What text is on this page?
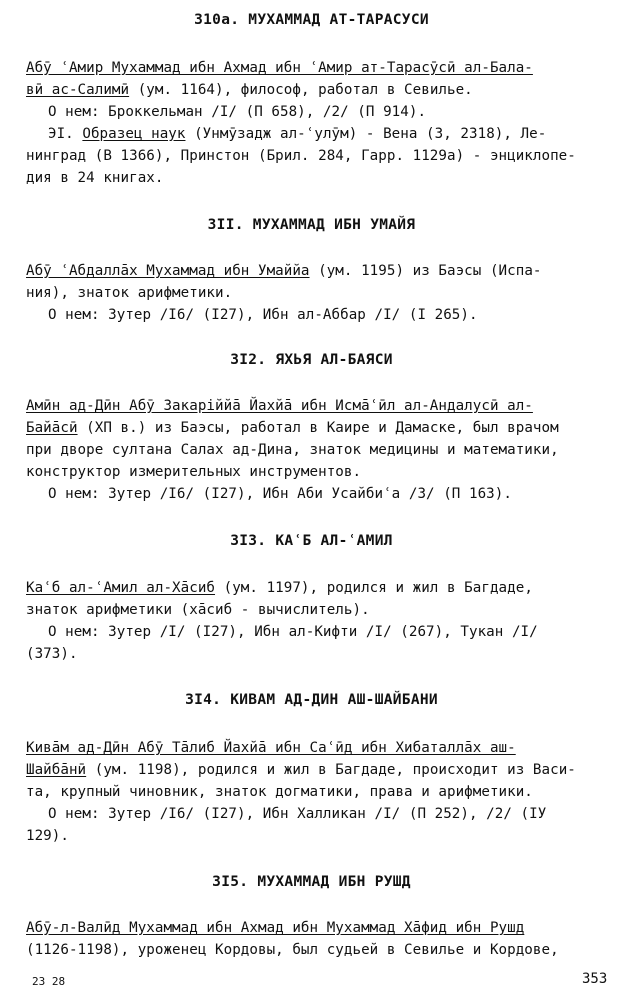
310а. МУХАММАД АТ-ТАРАСУСИ
Абӯ ʿАмир Мухаммад ибн Ахмад ибн ʿАмир ат-Тарасӯсӣ ал-Бала-
вӣ ас-Салимӣ (ум. 1164), философ, работал в Севилье.
О нем: Броккельман /I/ (П 658), /2/ (П 914).
ЭI. Образец наук (Унмӯзадж ал-ʿулӯм) - Вена (3, 2318), Ле-
нинград (В 1366), Принстон (Брил. 284, Гарр. 1129а) - энциклопе-
дия в 24 книгах.
3II. МУХАММАД ИБН УМАЙЯ
Абӯ ʿАбдаллāх Мухаммад ибн Умаййа (ум. 1195) из Баэсы (Испа-
ния), знаток арифметики.
О нем: Зутер /I6/ (I27), Ибн ал-Аббар /I/ (I 265).
3I2. ЯХЬЯ АЛ-БАЯСИ
Амӣн ад-Дӣн Абӯ Закаріййā Йахйā ибн Исмāʿӣл ал-Андалусӣ ал-
Байāсӣ (ХП в.) из Баэсы, работал в Каире и Дамаске, был врачом
при дворе султана Салах ад-Дина, знаток медицины и математики,
конструктор измерительных инструментов.
О нем: Зутер /I6/ (I27), Ибн Аби Усайбиʿа /3/ (П 163).
3I3. КАʿБ АЛ-ʿАМИЛ
Каʿб ал-ʿАмил ал-Хāсиб (ум. 1197), родился и жил в Багдаде,
знаток арифметики (хāсиб - вычислитель).
О нем: Зутер /I/ (I27), Ибн ал-Кифти /I/ (267), Тукан /I/
(373).
3I4. КИВАМ АД-ДИН АШ-ШАЙБАНИ
Кивāм ад-Дӣн Абӯ Тāлиб Йахйā ибн Саʿӣд ибн Хибаталлāх аш-
Шайбāнӣ (ум. 1198), родился и жил в Багдаде, происходит из Васи-
та, крупный чиновник, знаток догматики, права и арифметики.
О нем: Зутер /I6/ (I27), Ибн Халликан /I/ (П 252), /2/ (IУ
129).
3I5. МУХАММАД ИБН РУШД
Абӯ-л-Валӣд Мухаммад ибн Ахмад ибн Мухаммад Хāфид ибн Рушд
(1126-1198), уроженец Кордовы, был судьей в Севилье и Кордове,
23 28	353
